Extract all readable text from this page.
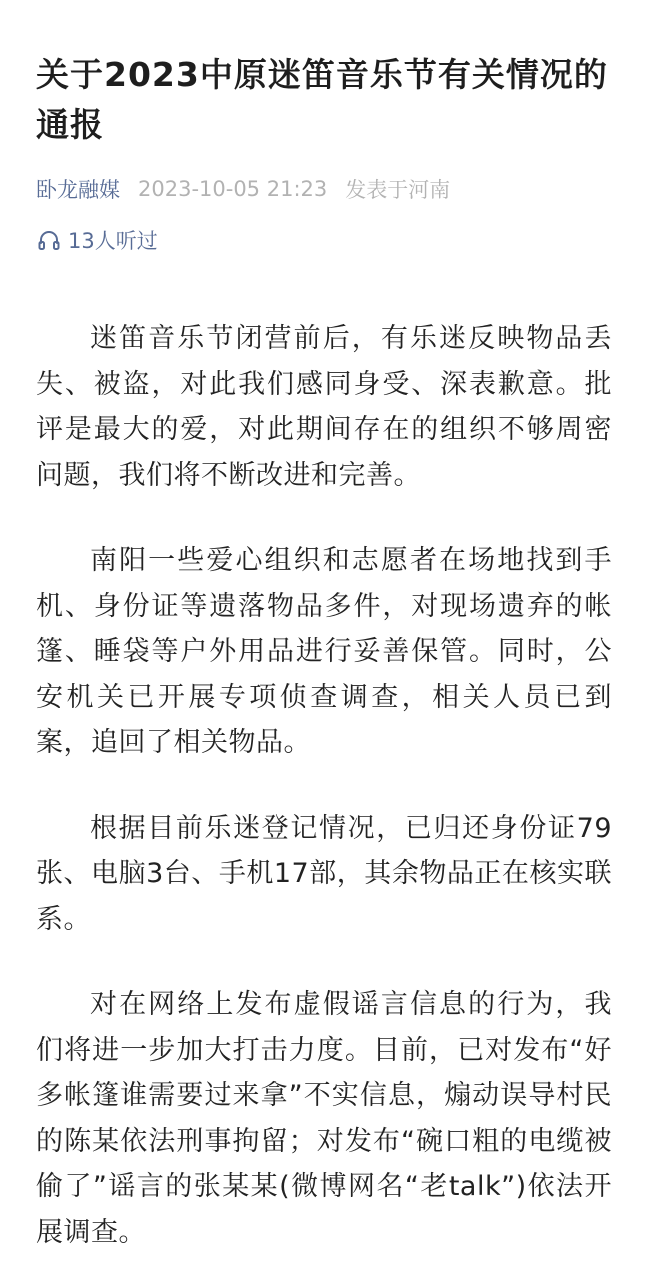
关于2023中原迷笛音乐节有关情况的通报
卧龙融媒 2023-10-05 21:23 发表于河南
13人听过

迷笛音乐节闭营前后，有乐迷反映物品丢失、被盗，对此我们感同身受、深表歉意。批评是最大的爱，对此期间存在的组织不够周密问题，我们将不断改进和完善。

南阳一些爱心组织和志愿者在场地找到手机、身份证等遗落物品多件，对现场遗弃的帐篷、睡袋等户外用品进行妥善保管。同时，公安机关已开展专项侦查调查，相关人员已到案，追回了相关物品。

根据目前乐迷登记情况，已归还身份证79张、电脑3台、手机17部，其余物品正在核实联系。

对在网络上发布虚假谣言信息的行为，我们将进一步加大打击力度。目前，已对发布“好多帐篷谁需要过来拿”不实信息，煽动误导村民的陈某依法刑事拘留；对发布“碗口粗的电缆被偷了”谣言的张某某(微博网名“老talk”)依法开展调查。
